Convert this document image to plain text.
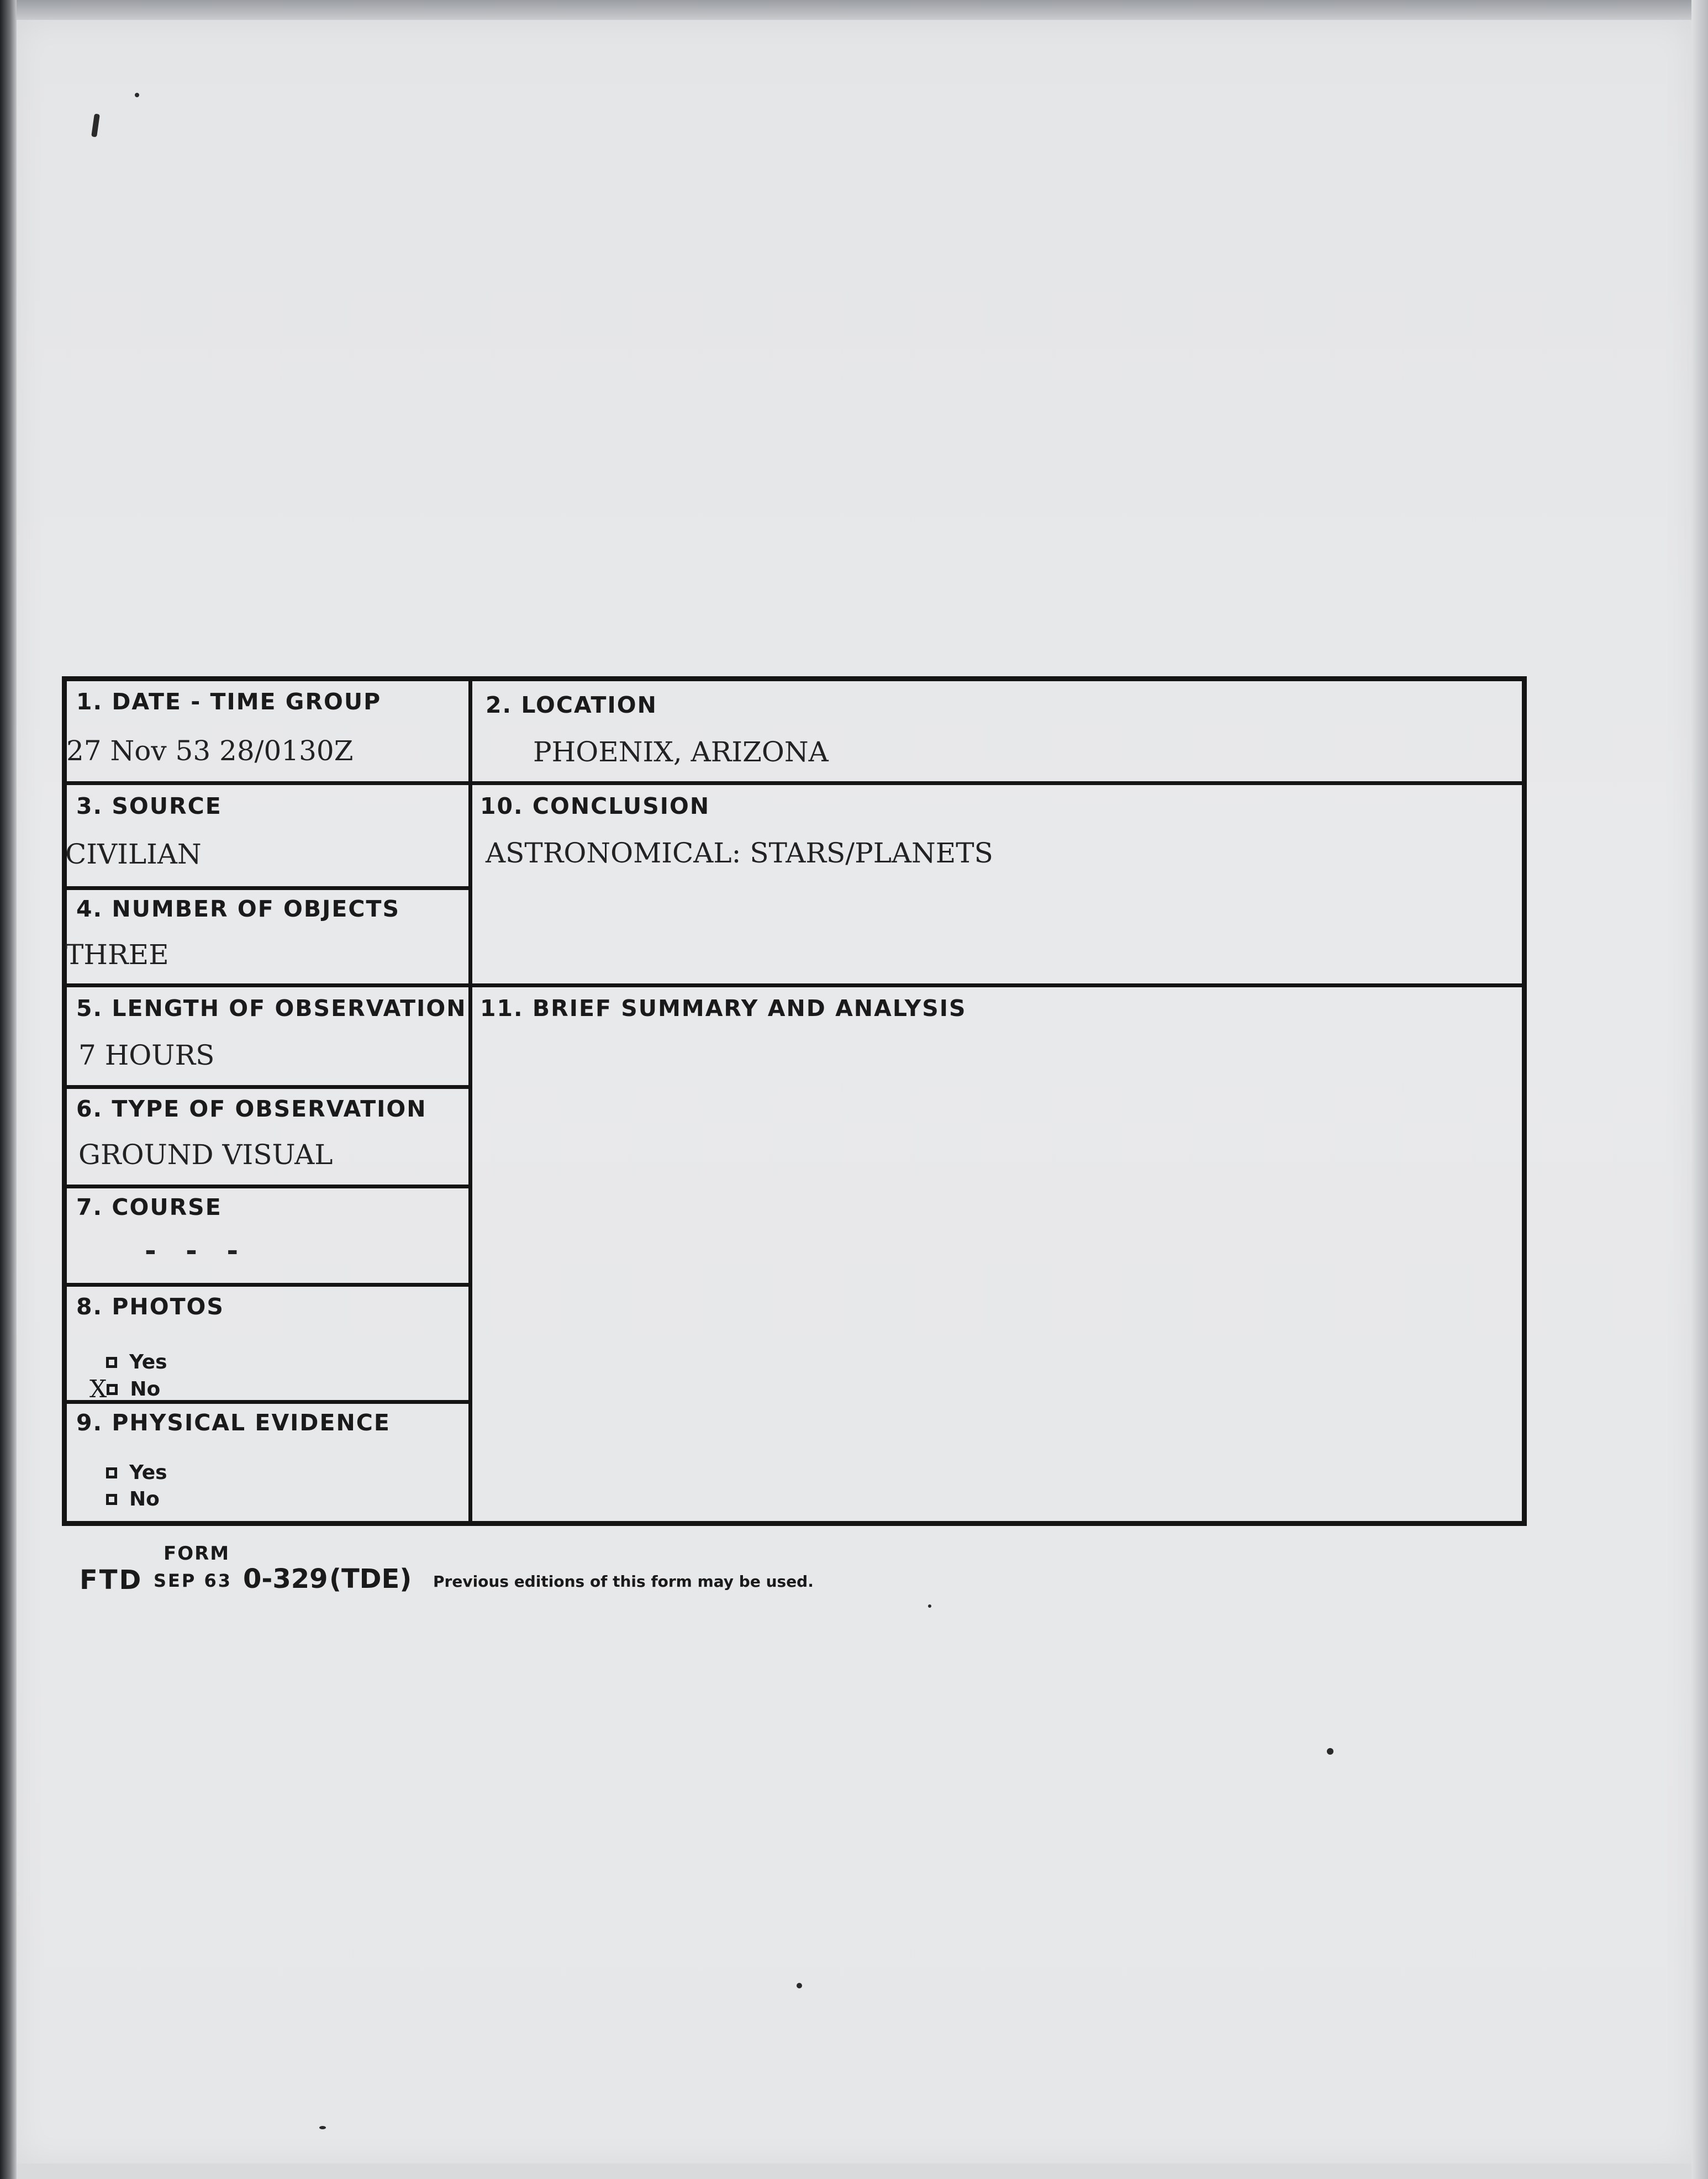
1. DATE - TIME GROUP
27 Nov 53 28/0130Z
2. LOCATION
PHOENIX, ARIZONA
3. SOURCE
CIVILIAN
10. CONCLUSION
ASTRONOMICAL: STARS/PLANETS
4. NUMBER OF OBJECTS
THREE
5. LENGTH OF OBSERVATION
7 HOURS
11. BRIEF SUMMARY AND ANALYSIS
6. TYPE OF OBSERVATION
GROUND VISUAL
7. COURSE
- - -
8. PHOTOS
Yes
X No
9. PHYSICAL EVIDENCE
Yes
No
FORM
FTD SEP 63 0-329 (TDE) Previous editions of this form may be used.
